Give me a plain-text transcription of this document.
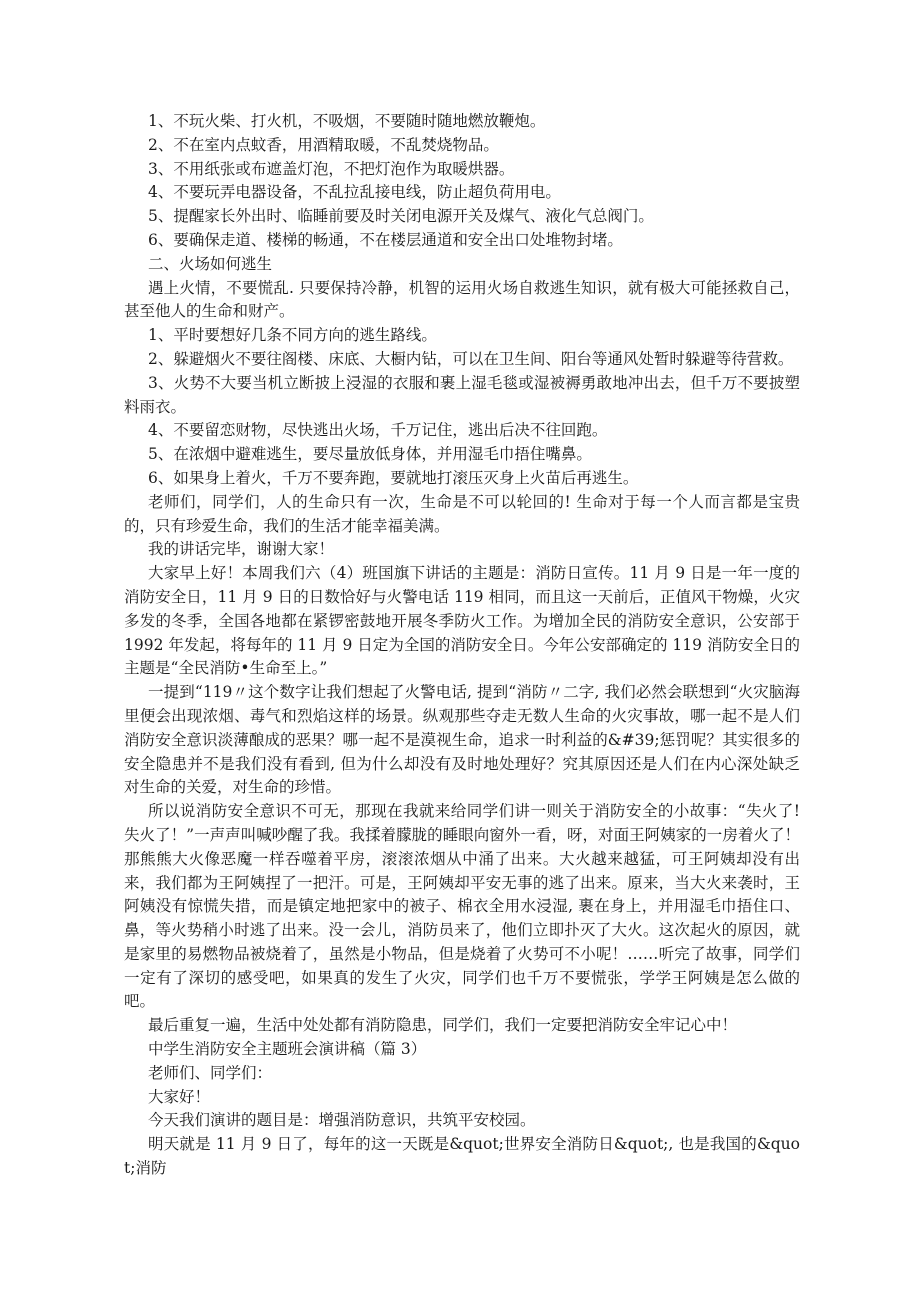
1、不玩火柴、打火机，不吸烟，不要随时随地燃放鞭炮。

2、不在室内点蚊香，用酒精取暖，不乱焚烧物品。

3、不用纸张或布遮盖灯泡，不把灯泡作为取暖烘器。

4、不要玩弄电器设备，不乱拉乱接电线，防止超负荷用电。

5、提醒家长外出时、临睡前要及时关闭电源开关及煤气、液化气总阀门。

6、要确保走道、楼梯的畅通，不在楼层通道和安全出口处堆物封堵。

二、火场如何逃生

遇上火情，不要慌乱. 只要保持冷静，机智的运用火场自救逃生知识，就有极大可能拯救自己，甚至他人的生命和财产。

1、平时要想好几条不同方向的逃生路线。

2、躲避烟火不要往阁楼、床底、大橱内钻，可以在卫生间、阳台等通风处暂时躲避等待营救。

3、火势不大要当机立断披上浸湿的衣服和裹上湿毛毯或湿被褥勇敢地冲出去，但千万不要披塑料雨衣。

4、不要留恋财物，尽快逃出火场，千万记住，逃出后决不往回跑。

5、在浓烟中避难逃生，要尽量放低身体，并用湿毛巾捂住嘴鼻。

6、如果身上着火，千万不要奔跑，要就地打滚压灭身上火苗后再逃生。

老师们，同学们，人的生命只有一次，生命是不可以轮回的! 生命对于每一个人而言都是宝贵的，只有珍爱生命，我们的生活才能幸福美满。

我的讲话完毕，谢谢大家！

大家早上好！本周我们六（4）班国旗下讲话的主题是：消防日宣传。11 月 9 日是一年一度的消防安全日，11 月 9 日的日数恰好与火警电话 119 相同，而且这一天前后，正值风干物燥，火灾多发的冬季，全国各地都在紧锣密鼓地开展冬季防火工作。为增加全民的消防安全意识，公安部于 1992 年发起，将每年的 11 月 9 日定为全国的消防安全日。今年公安部确定的 119 消防安全日的主题是“全民消防•生命至上。”

一提到“119〃这个数字让我们想起了火警电话, 提到“消防〃二字, 我们必然会联想到“火灾脑海里便会出现浓烟、毒气和烈焰这样的场景。纵观那些夺走无数人生命的火灾事故，哪一起不是人们消防安全意识淡薄酿成的恶果？哪一起不是漠视生命，追求一时利益的&#39;惩罚呢？其实很多的安全隐患并不是我们没有看到, 但为什么却没有及时地处理好？究其原因还是人们在内心深处缺乏对生命的关爱，对生命的珍惜。

所以说消防安全意识不可无，那现在我就来给同学们讲一则关于消防安全的小故事：“失火了! 失火了！”一声声叫喊吵醒了我。我揉着朦胧的睡眼向窗外一看，呀，对面王阿姨家的一房着火了！那熊熊大火像恶魔一样吞噬着平房，滚滚浓烟从中涌了出来。大火越来越猛，可王阿姨却没有出来，我们都为王阿姨捏了一把汗。可是，王阿姨却平安无事的逃了出来。原来，当大火来袭时，王阿姨没有惊慌失措，而是镇定地把家中的被子、棉衣全用水浸湿, 裹在身上，并用湿毛巾捂住口、鼻，等火势稍小时逃了出来。没一会儿，消防员来了，他们立即扑灭了大火。这次起火的原因，就是家里的易燃物品被烧着了，虽然是小物品，但是烧着了火势可不小呢！……听完了故事，同学们一定有了深切的感受吧，如果真的发生了火灾，同学们也千万不要慌张，学学王阿姨是怎么做的吧。

最后重复一遍，生活中处处都有消防隐患，同学们，我们一定要把消防安全牢记心中！

中学生消防安全主题班会演讲稿（篇 3）

老师们、同学们：

大家好！

今天我们演讲的题目是：增强消防意识，共筑平安校园。

明天就是 11 月 9 日了，每年的这一天既是&quot;世界安全消防日&quot;, 也是我国的&quot;消防
